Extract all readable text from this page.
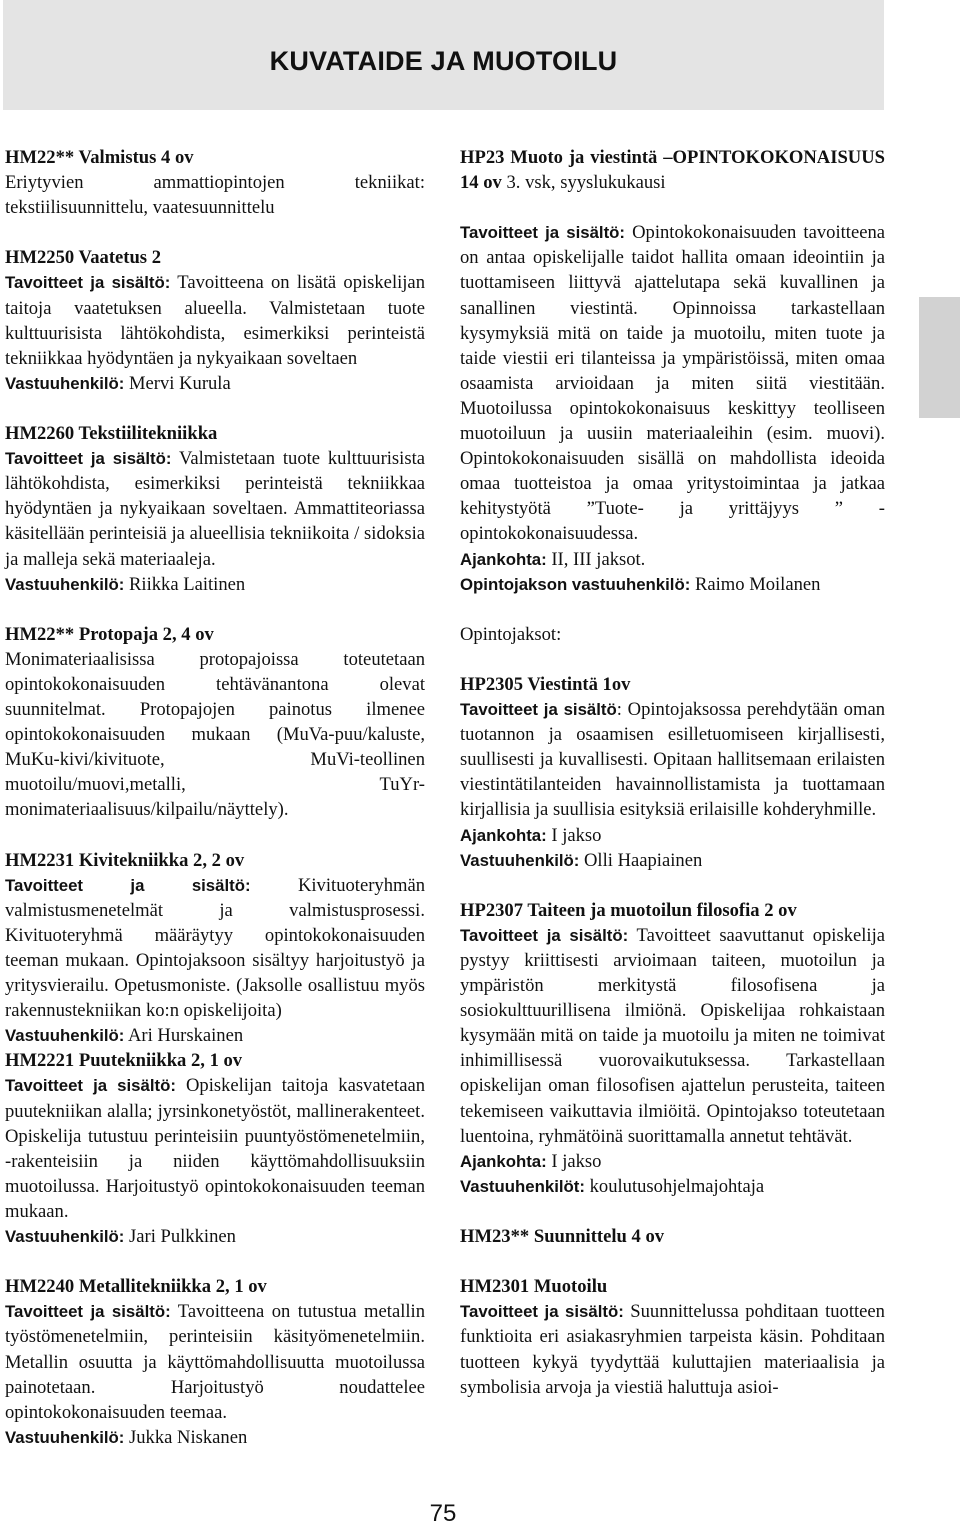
KUVATAIDE JA MUOTOILU
HM22** Valmistus 4 ov
Eriytyvien ammattiopintojen tekniikat: tekstiilisuunnittelu, vaatesuunnittelu
HM2250 Vaatetus 2
Tavoitteet ja sisältö: Tavoitteena on lisätä opiskelijan taitoja vaatetuksen alueella. Valmistetaan tuote kulttuurisista lähtökohdista, esimerkiksi perinteistä tekniikkaa hyödyntäen ja nykyaikaan soveltaen
Vastuuhenkilö: Mervi Kurula
HM2260 Tekstiilitekniikka
Tavoitteet ja sisältö: Valmistetaan tuote kulttuurisista lähtökohdista, esimerkiksi perinteistä tekniikkaa hyödyntäen ja nykyaikaan soveltaen. Ammattiteoriassa käsitellään perinteisiä ja alueellisia tekniikoita / sidoksia ja malleja sekä materiaaleja.
Vastuuhenkilö: Riikka Laitinen
HM22** Protopaja 2, 4 ov
Monimateriaalisissa protopajoissa toteutetaan opintokokonaisuuden tehtävänantona olevat suunnitelmat. Protopajojen painotus ilmenee opintokokonaisuuden mukaan (MuVa-puu/kaluste, MuKu-kivi/kivituote, MuVi-teollinen muotoilu/muovi,metalli, TuYr-monimateriaalisuus/kilpailu/näyttely).
HM2231 Kivitekniikka 2, 2 ov
Tavoitteet ja sisältö: Kivituoteryhmän valmistusmenetelmät ja valmistusprosessi. Kivituoteryhmä määräytyy opintokokonaisuuden teeman mukaan. Opintojaksoon sisältyy harjoitustyö ja yritysvierailu. Opetusmoniste. (Jaksolle osallistuu myös rakennustekniikan ko:n opiskelijoita)
Vastuuhenkilö: Ari Hurskainen
HM2221 Puutekniikka 2, 1 ov
Tavoitteet ja sisältö: Opiskelijan taitoja kasvatetaan puutekniikan alalla; jyrsinkonetyöstöt, mallinerakenteet. Opiskelija tutustuu perinteisiin puuntyöstömenetelmiin, -rakenteisiin ja niiden käyttömahdollisuuksiin muotoilussa. Harjoitustyö opintokokonaisuuden teeman mukaan.
Vastuuhenkilö: Jari Pulkkinen
HM2240 Metallitekniikka 2, 1 ov
Tavoitteet ja sisältö: Tavoitteena on tutustua metallin työstömenetelmiin, perinteisiin käsityömenetelmiin. Metallin osuutta ja käyttömahdollisuutta muotoilussa painotetaan. Harjoitustyö noudattelee opintokokonaisuuden teemaa.
Vastuuhenkilö: Jukka Niskanen
HP23 Muoto ja viestintä –OPINTOKOKONAISUUS 14 ov 3. vsk, syyslukukausi
Tavoitteet ja sisältö: Opintokokonaisuuden tavoitteena on antaa opiskelijalle taidot hallita omaan ideointiin ja tuottamiseen liittyvä ajattelutapa sekä kuvallinen ja sanallinen viestintä. Opinnoissa tarkastellaan kysymyksiä mitä on taide ja muotoilu, miten tuote ja taide viestii eri tilanteissa ja ympäristöissä, miten omaa osaamista arvioidaan ja miten siitä viestitään. Muotoilussa opintokokonaisuus keskittyy teolliseen muotoiluun ja uusiin materiaaleihin (esim. muovi). Opintokokonaisuuden sisällä on mahdollista ideoida omaa tuotteistoa ja omaa yritystoimintaa ja jatkaa kehitystyötä ”Tuote- ja yrittäjyys ” -opintokokonaisuudessa.
Ajankohta: II, III jaksot.
Opintojakson vastuuhenkilö: Raimo Moilanen
Opintojaksot:
HP2305 Viestintä 1ov
Tavoitteet ja sisältö: Opintojaksossa perehdytään oman tuotannon ja osaamisen esilletuomiseen kirjallisesti, suullisesti ja kuvallisesti. Opitaan hallitsemaan erilaisten viestintätilanteiden havainnollistamista ja tuottamaan kirjallisia ja suullisia esityksiä erilaisille kohderyhmille.
Ajankohta: I jakso
Vastuuhenkilö: Olli Haapiainen
HP2307 Taiteen ja muotoilun filosofia 2 ov
Tavoitteet ja sisältö: Tavoitteet saavuttanut opiskelija pystyy kriittisesti arvioimaan taiteen, muotoilun ja ympäristön merkitystä filosofisena ja sosiokulttuurillisena ilmiönä. Opiskelijaa rohkaistaan kysymään mitä on taide ja muotoilu ja miten ne toimivat inhimillisessä vuorovaikutuksessa. Tarkastellaan opiskelijan oman filosofisen ajattelun perusteita, taiteen tekemiseen vaikuttavia ilmiöitä. Opintojakso toteutetaan luentoina, ryhmätöinä suorittamalla annetut tehtävät.
Ajankohta: I jakso
Vastuuhenkilöt: koulutusohjelmajohtaja
HM23** Suunnittelu 4 ov
HM2301 Muotoilu
Tavoitteet ja sisältö: Suunnittelussa pohditaan tuotteen funktioita eri asiakasryhmien tarpeista käsin. Pohditaan tuotteen kykyä tyydyttää kuluttajien materiaalisia ja symbolisia arvoja ja viestiä haluttuja asioi-
75
